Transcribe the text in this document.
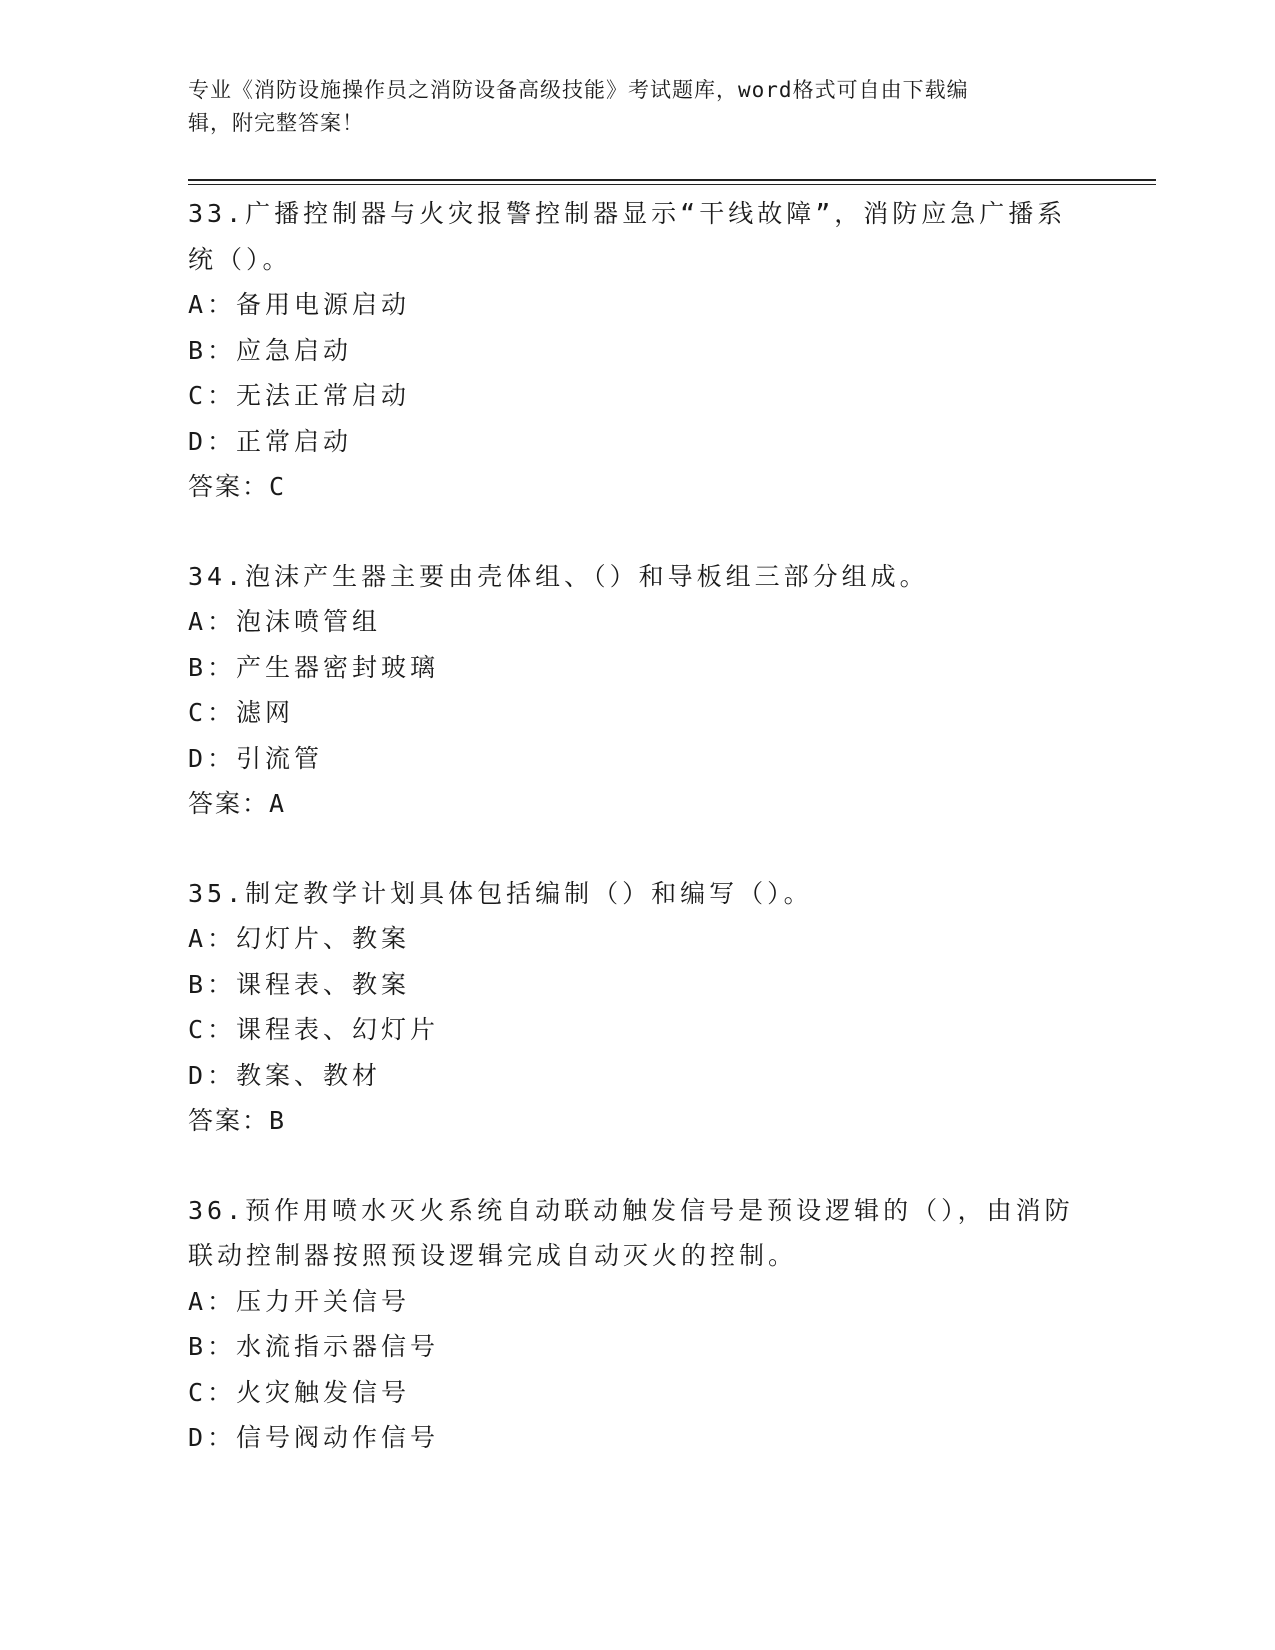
专业《消防设施操作员之消防设备高级技能》考试题库，word格式可自由下载编
辑，附完整答案！

33.广播控制器与火灾报警控制器显示“干线故障”，消防应急广播系统（）。

A：备用电源启动

B：应急启动

C：无法正常启动

D：正常启动

答案：C

34.泡沫产生器主要由壳体组、（）和导板组三部分组成。

A：泡沫喷管组

B：产生器密封玻璃

C：滤网

D：引流管

答案：A

35.制定教学计划具体包括编制（）和编写（）。

A：幻灯片、教案

B：课程表、教案

C：课程表、幻灯片

D：教案、教材

答案：B

36.预作用喷水灭火系统自动联动触发信号是预设逻辑的（），由消防联动控制器按照预设逻辑完成自动灭火的控制。

A：压力开关信号

B：水流指示器信号

C：火灾触发信号

D：信号阀动作信号
